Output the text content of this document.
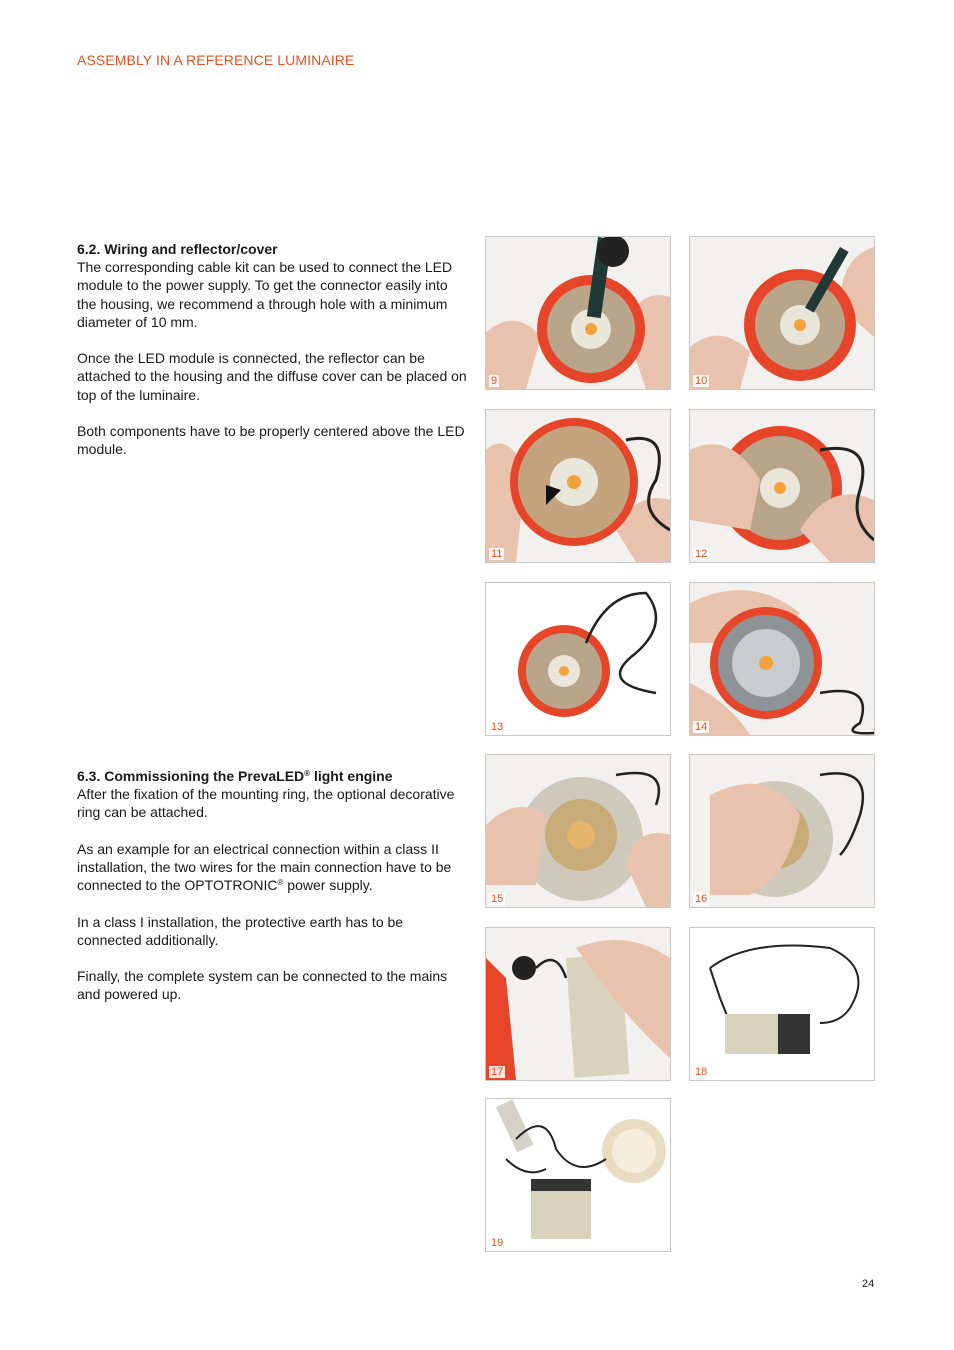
ASSEMBLY IN A REFERENCE LUMINAIRE
6.2. Wiring and reflector/cover

The corresponding cable kit can be used to connect the LED module to the power supply. To get the connector easily into the housing, we recommend a through hole with a minimum diameter of 10 mm.

Once the LED module is connected, the reflector can be attached to the housing and the diffuse cover can be placed on top of the luminaire.

Both components have to be properly centered above the LED module.

6.3. Commissioning the PrevaLED® light engine

After the fixation of the mounting ring, the optional decorative ring can be attached.

As an example for an electrical connection within a class II installation, the two wires for the main connection have to be connected to the OPTOTRONIC® power supply.

In a class I installation, the protective earth has to be connected additionally.

Finally, the complete system can be connected to the mains and powered up.

9	10
11	12
13	14
15	16
17	18
19
24
